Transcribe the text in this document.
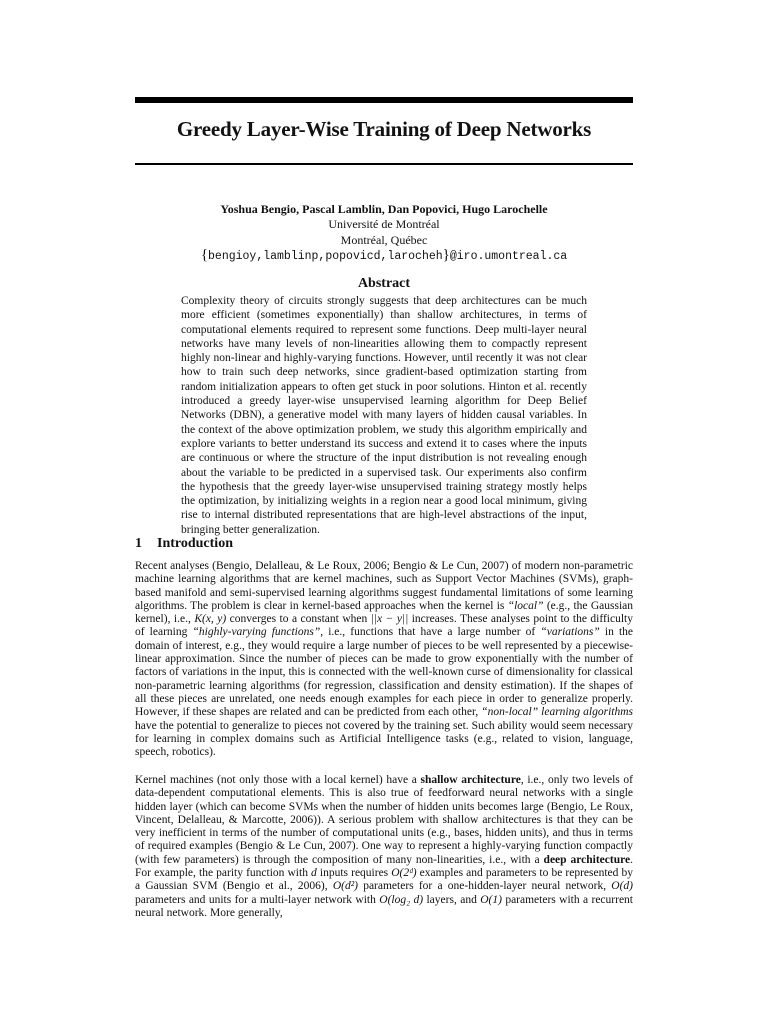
Greedy Layer-Wise Training of Deep Networks
Yoshua Bengio, Pascal Lamblin, Dan Popovici, Hugo Larochelle
Université de Montréal
Montréal, Québec
{bengioy,lamblinp,popovicd,larocheh}@iro.umontreal.ca
Abstract
Complexity theory of circuits strongly suggests that deep architectures can be much more efficient (sometimes exponentially) than shallow architectures, in terms of computational elements required to represent some functions. Deep multi-layer neural networks have many levels of non-linearities allowing them to compactly represent highly non-linear and highly-varying functions. However, until recently it was not clear how to train such deep networks, since gradient-based optimization starting from random initialization appears to often get stuck in poor solutions. Hinton et al. recently introduced a greedy layer-wise unsupervised learning algorithm for Deep Belief Networks (DBN), a generative model with many layers of hidden causal variables. In the context of the above optimization problem, we study this algorithm empirically and explore variants to better understand its success and extend it to cases where the inputs are continuous or where the structure of the input distribution is not revealing enough about the variable to be predicted in a supervised task. Our experiments also confirm the hypothesis that the greedy layer-wise unsupervised training strategy mostly helps the optimization, by initializing weights in a region near a good local minimum, giving rise to internal distributed representations that are high-level abstractions of the input, bringing better generalization.
1 Introduction
Recent analyses (Bengio, Delalleau, & Le Roux, 2006; Bengio & Le Cun, 2007) of modern non-parametric machine learning algorithms that are kernel machines, such as Support Vector Machines (SVMs), graph-based manifold and semi-supervised learning algorithms suggest fundamental limitations of some learning algorithms. The problem is clear in kernel-based approaches when the kernel is “local” (e.g., the Gaussian kernel), i.e., K(x, y) converges to a constant when ||x − y|| increases. These analyses point to the difficulty of learning “highly-varying functions”, i.e., functions that have a large number of “variations” in the domain of interest, e.g., they would require a large number of pieces to be well represented by a piecewise-linear approximation. Since the number of pieces can be made to grow exponentially with the number of factors of variations in the input, this is connected with the well-known curse of dimensionality for classical non-parametric learning algorithms (for regression, classification and density estimation). If the shapes of all these pieces are unrelated, one needs enough examples for each piece in order to generalize properly. However, if these shapes are related and can be predicted from each other, “non-local” learning algorithms have the potential to generalize to pieces not covered by the training set. Such ability would seem necessary for learning in complex domains such as Artificial Intelligence tasks (e.g., related to vision, language, speech, robotics).
Kernel machines (not only those with a local kernel) have a shallow architecture, i.e., only two levels of data-dependent computational elements. This is also true of feedforward neural networks with a single hidden layer (which can become SVMs when the number of hidden units becomes large (Bengio, Le Roux, Vincent, Delalleau, & Marcotte, 2006)). A serious problem with shallow architectures is that they can be very inefficient in terms of the number of computational units (e.g., bases, hidden units), and thus in terms of required examples (Bengio & Le Cun, 2007). One way to represent a highly-varying function compactly (with few parameters) is through the composition of many non-linearities, i.e., with a deep architecture. For example, the parity function with d inputs requires O(2ᵈ) examples and parameters to be represented by a Gaussian SVM (Bengio et al., 2006), O(d²) parameters for a one-hidden-layer neural network, O(d) parameters and units for a multi-layer network with O(log₂ d) layers, and O(1) parameters with a recurrent neural network. More generally,
